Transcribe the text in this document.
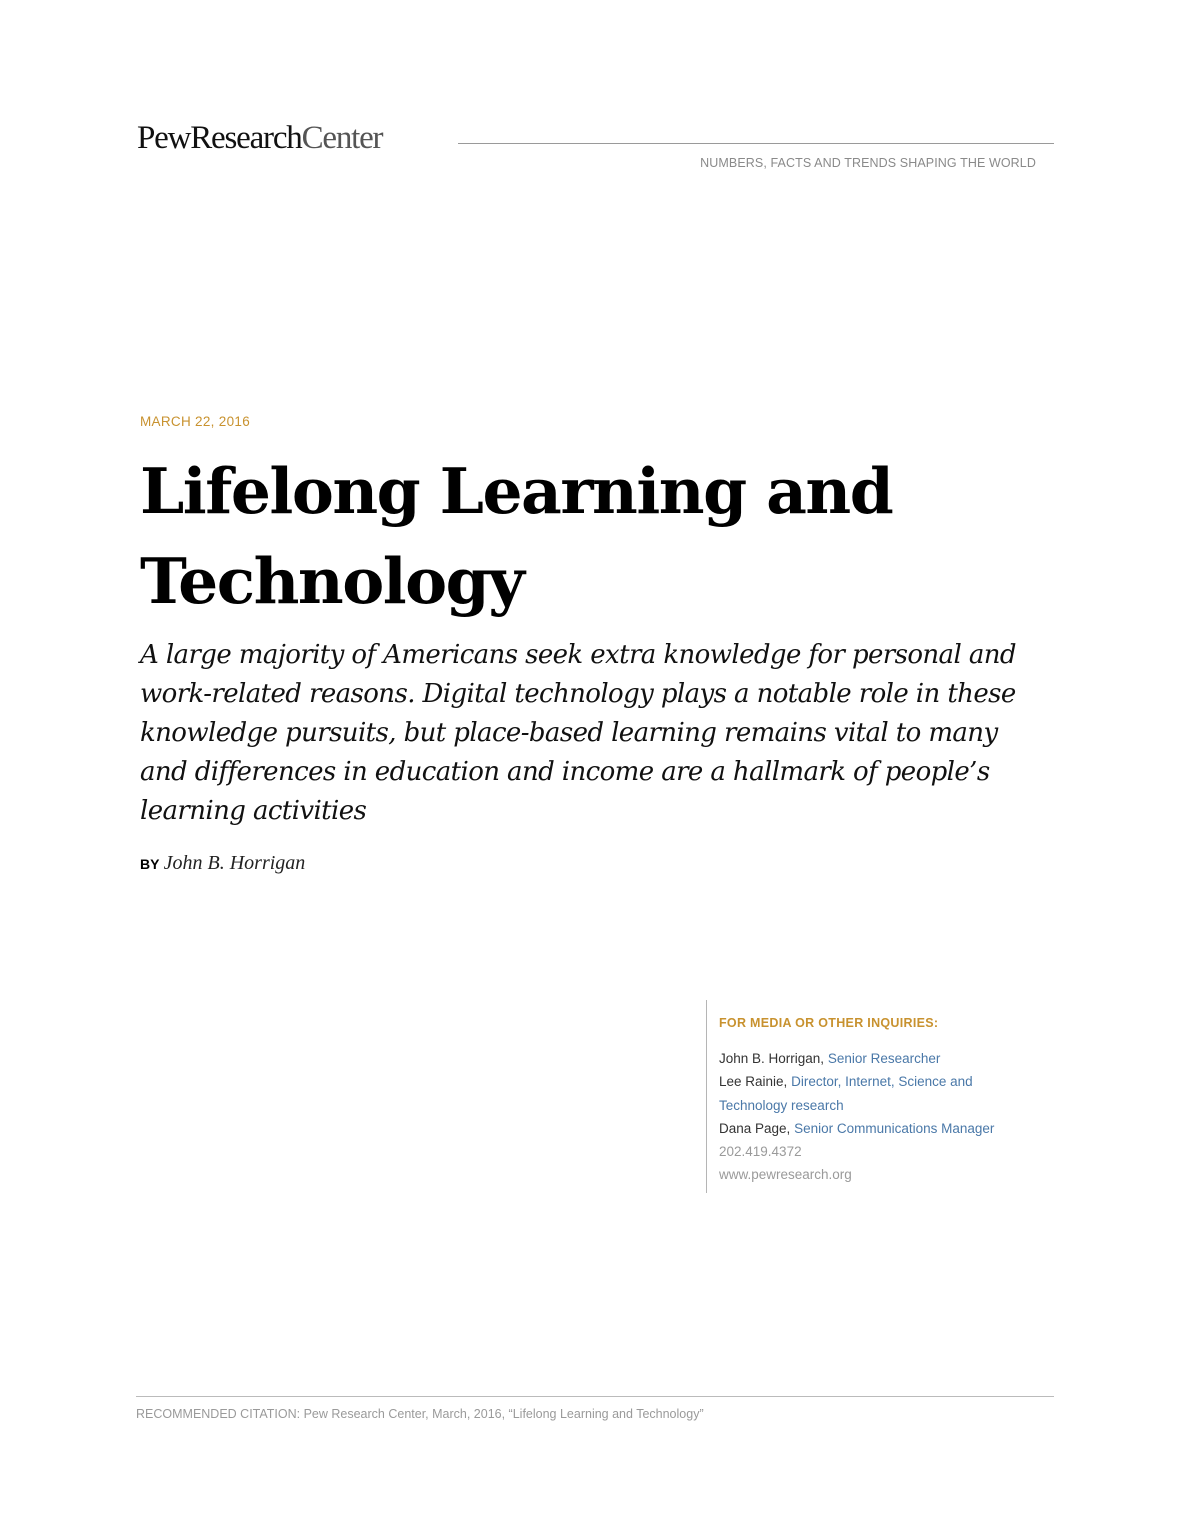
PewResearchCenter
NUMBERS, FACTS AND TRENDS SHAPING THE WORLD
MARCH 22, 2016
Lifelong Learning and Technology

A large majority of Americans seek extra knowledge for personal and work-related reasons. Digital technology plays a notable role in these knowledge pursuits, but place-based learning remains vital to many and differences in education and income are a hallmark of people’s learning activities

BY John B. Horrigan
FOR MEDIA OR OTHER INQUIRIES:
John B. Horrigan, Senior Researcher
Lee Rainie, Director, Internet, Science and
Technology research
Dana Page, Senior Communications Manager
202.419.4372
www.pewresearch.org
RECOMMENDED CITATION: Pew Research Center, March, 2016, “Lifelong Learning and Technology”
